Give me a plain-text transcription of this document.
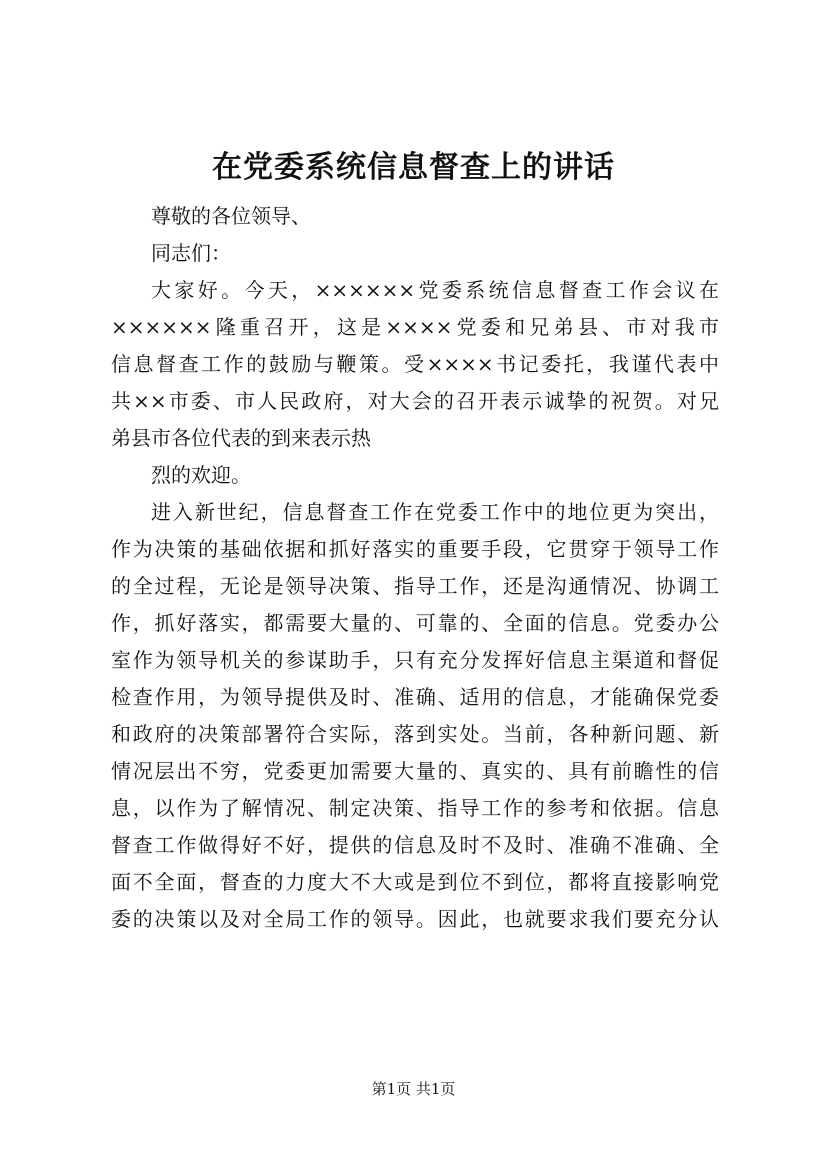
在党委系统信息督查上的讲话
尊敬的各位领导、
同志们：
大家好。今天，××××××党委系统信息督查工作会议在
××××××隆重召开，这是××××党委和兄弟县、市对我市
信息督查工作的鼓励与鞭策。受××××书记委托，我谨代表中
共××市委、市人民政府，对大会的召开表示诚挚的祝贺。对兄
弟县市各位代表的到来表示热
烈的欢迎。
进入新世纪，信息督查工作在党委工作中的地位更为突出，
作为决策的基础依据和抓好落实的重要手段，它贯穿于领导工作
的全过程，无论是领导决策、指导工作，还是沟通情况、协调工
作，抓好落实，都需要大量的、可靠的、全面的信息。党委办公
室作为领导机关的参谋助手，只有充分发挥好信息主渠道和督促
检查作用，为领导提供及时、准确、适用的信息，才能确保党委
和政府的决策部署符合实际，落到实处。当前，各种新问题、新
情况层出不穷，党委更加需要大量的、真实的、具有前瞻性的信
息，以作为了解情况、制定决策、指导工作的参考和依据。信息
督查工作做得好不好，提供的信息及时不及时、准确不准确、全
面不全面，督查的力度大不大或是到位不到位，都将直接影响党
委的决策以及对全局工作的领导。因此，也就要求我们要充分认
第1页 共1页
